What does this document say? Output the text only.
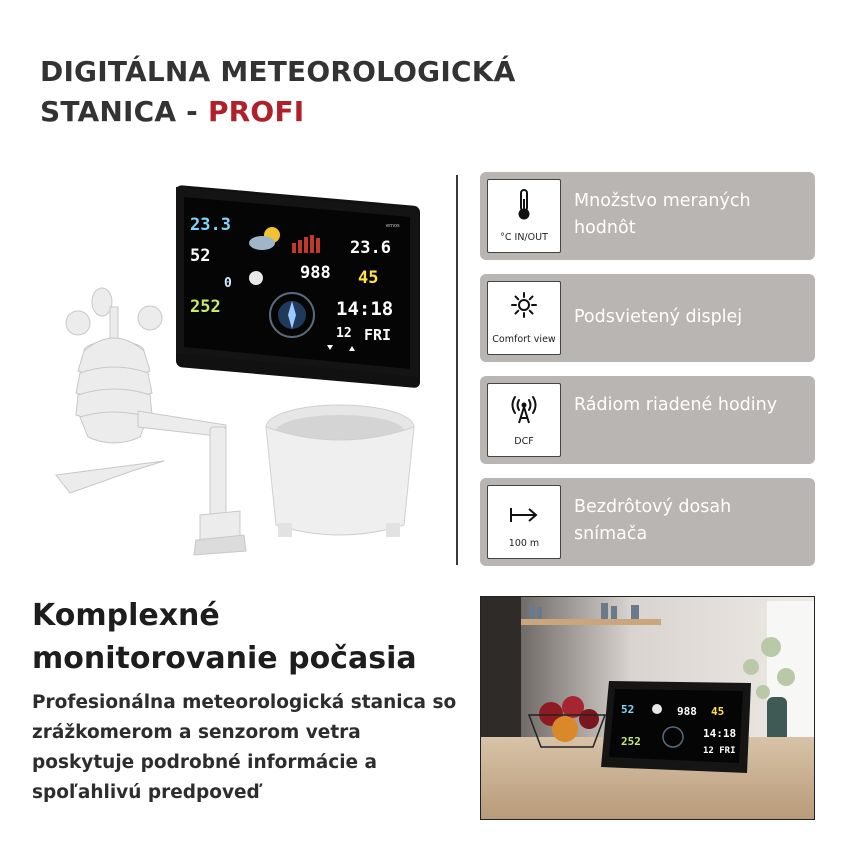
DIGITÁLNA METEOROLOGICKÁ
STANICA - PROFI
23.3
52
0
252
988
23.6
45
14:18
12 FRI
emos
°C IN/OUT
Množstvo meraných hodnôt
Comfort view
Podsvietený displej
DCF
Rádiom riadené hodiny
100 m
Bezdrôtový dosah snímača
Komplexné monitorovanie počasia
Profesionálna meteorologická stanica so zrážkomerom a senzorom vetra poskytuje podrobné informácie a spoľahlivú predpoveď
52	988 45
252
14:18
12 FRI
